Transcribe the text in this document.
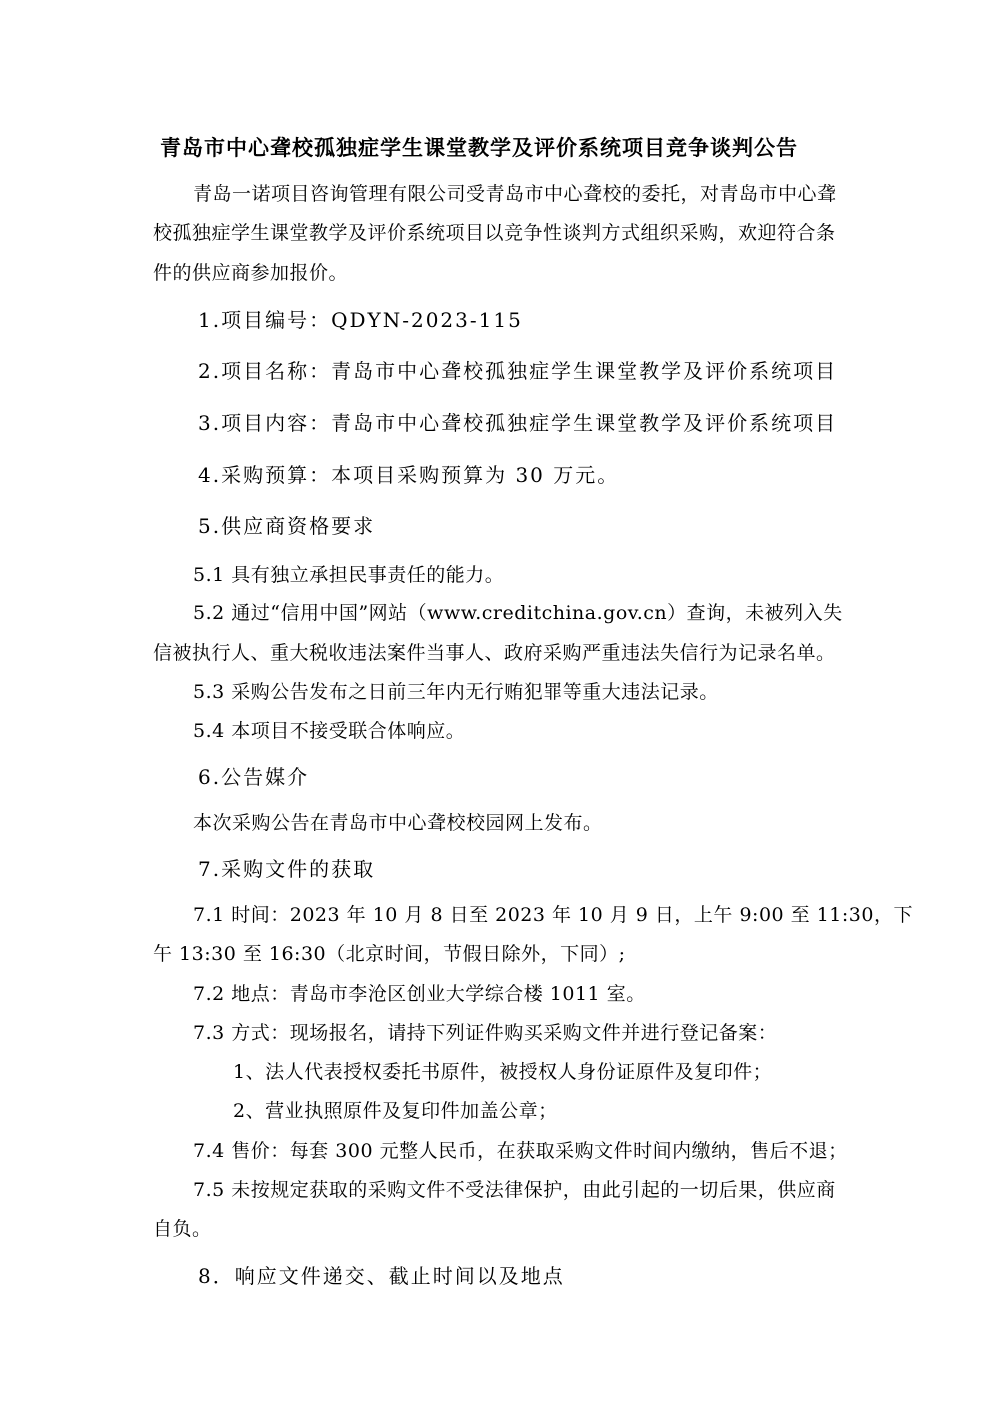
青岛市中心聋校孤独症学生课堂教学及评价系统项目竞争谈判公告
青岛一诺项目咨询管理有限公司受青岛市中心聋校的委托，对青岛市中心聋
校孤独症学生课堂教学及评价系统项目以竞争性谈判方式组织采购，欢迎符合条
件的供应商参加报价。
1.项目编号：QDYN-2023-115
2.项目名称：青岛市中心聋校孤独症学生课堂教学及评价系统项目
3.项目内容：青岛市中心聋校孤独症学生课堂教学及评价系统项目
4.采购预算：本项目采购预算为 30 万元。
5.供应商资格要求
5.1 具有独立承担民事责任的能力。
5.2 通过“信用中国”网站（www.creditchina.gov.cn）查询，未被列入失
信被执行人、重大税收违法案件当事人、政府采购严重违法失信行为记录名单。
5.3 采购公告发布之日前三年内无行贿犯罪等重大违法记录。
5.4 本项目不接受联合体响应。
6.公告媒介
本次采购公告在青岛市中心聋校校园网上发布。
7.采购文件的获取
7.1 时间：2023 年 10 月 8 日至 2023 年 10 月 9 日，上午 9:00 至 11:30，下
午 13:30 至 16:30（北京时间，节假日除外，下同）;
7.2 地点：青岛市李沧区创业大学综合楼 1011 室。
7.3 方式：现场报名，请持下列证件购买采购文件并进行登记备案：
1、法人代表授权委托书原件，被授权人身份证原件及复印件；
2、营业执照原件及复印件加盖公章；
7.4 售价：每套 300 元整人民币，在获取采购文件时间内缴纳，售后不退；
7.5 未按规定获取的采购文件不受法律保护，由此引起的一切后果，供应商
自负。
8．响应文件递交、截止时间以及地点
